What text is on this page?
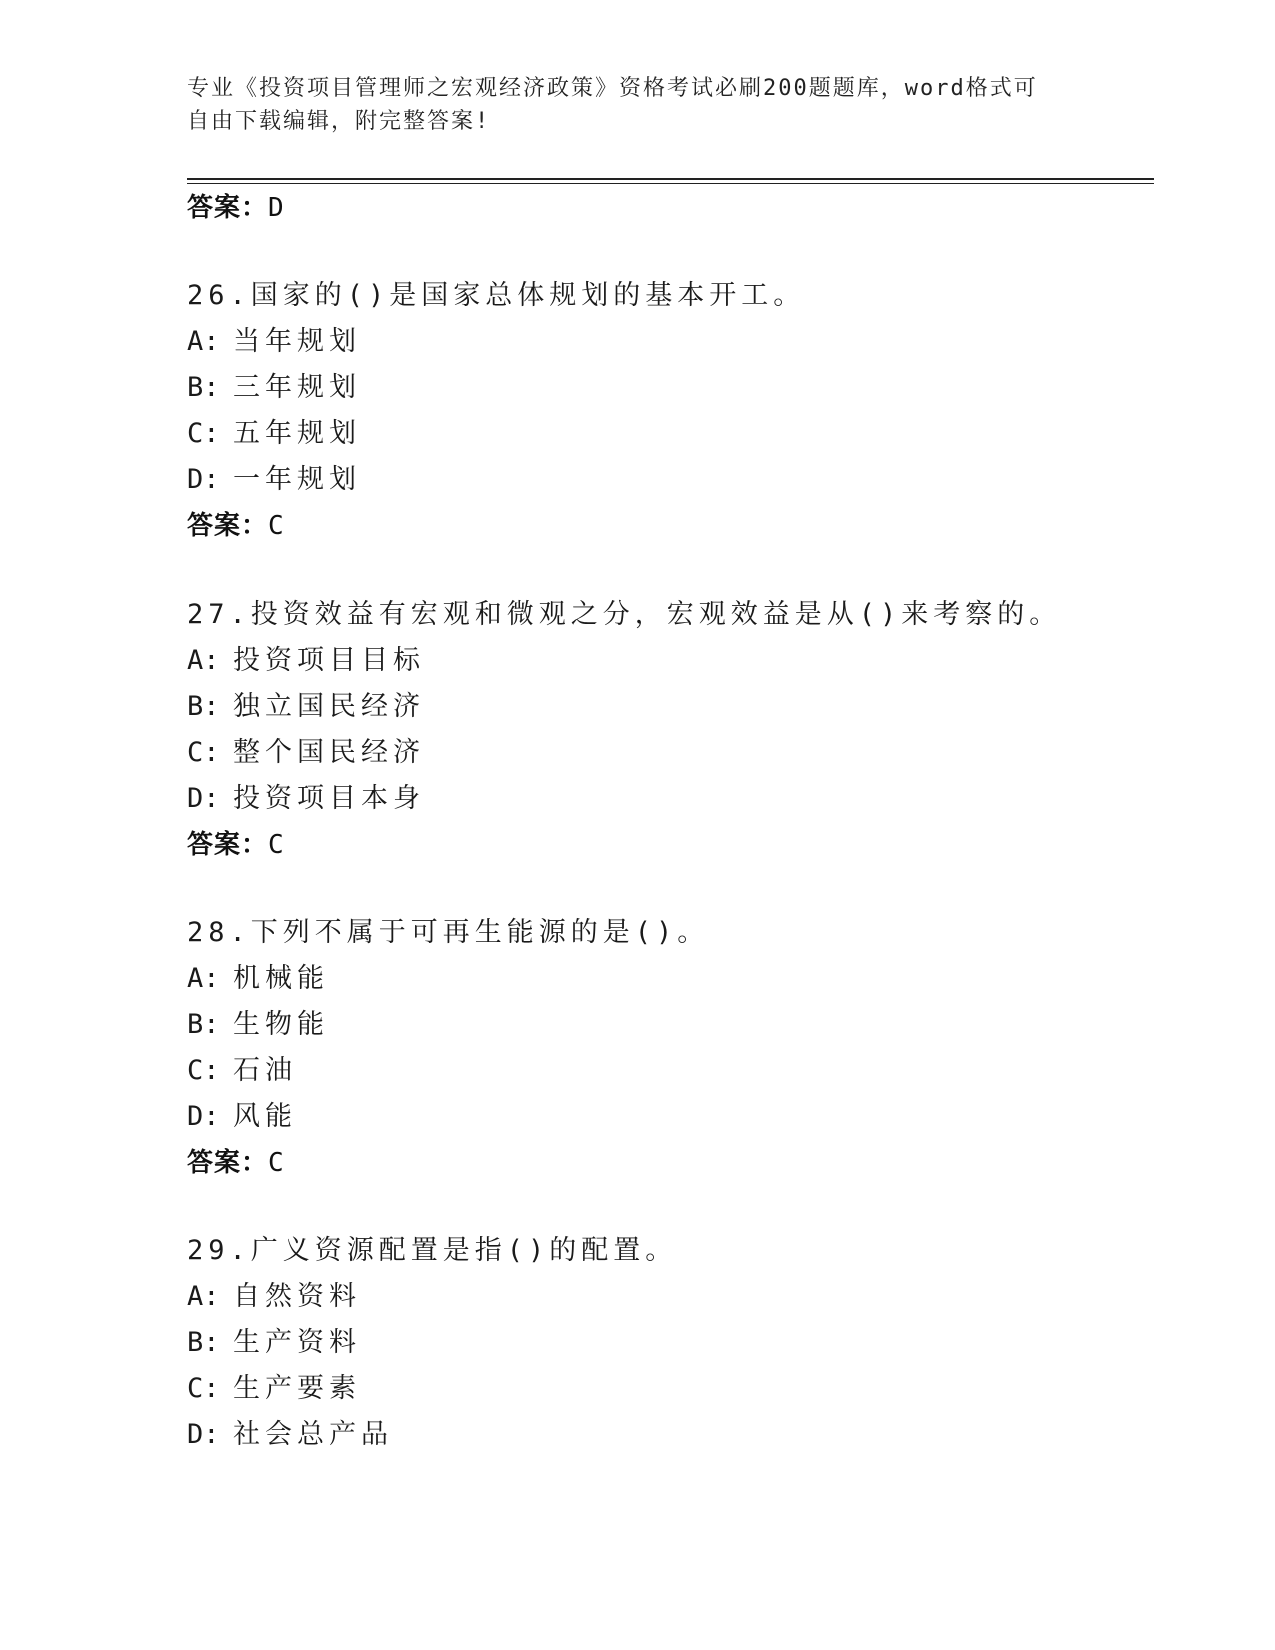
专业《投资项目管理师之宏观经济政策》资格考试必刷200题题库，word格式可
自由下载编辑，附完整答案!
答案：D
26.国家的()是国家总体规划的基本开工。
A: 当年规划
B: 三年规划
C: 五年规划
D: 一年规划
答案：C
27.投资效益有宏观和微观之分，宏观效益是从()来考察的。
A: 投资项目目标
B: 独立国民经济
C: 整个国民经济
D: 投资项目本身
答案：C
28.下列不属于可再生能源的是()。
A: 机械能
B: 生物能
C: 石油
D: 风能
答案：C
29.广义资源配置是指()的配置。
A: 自然资料
B: 生产资料
C: 生产要素
D: 社会总产品
